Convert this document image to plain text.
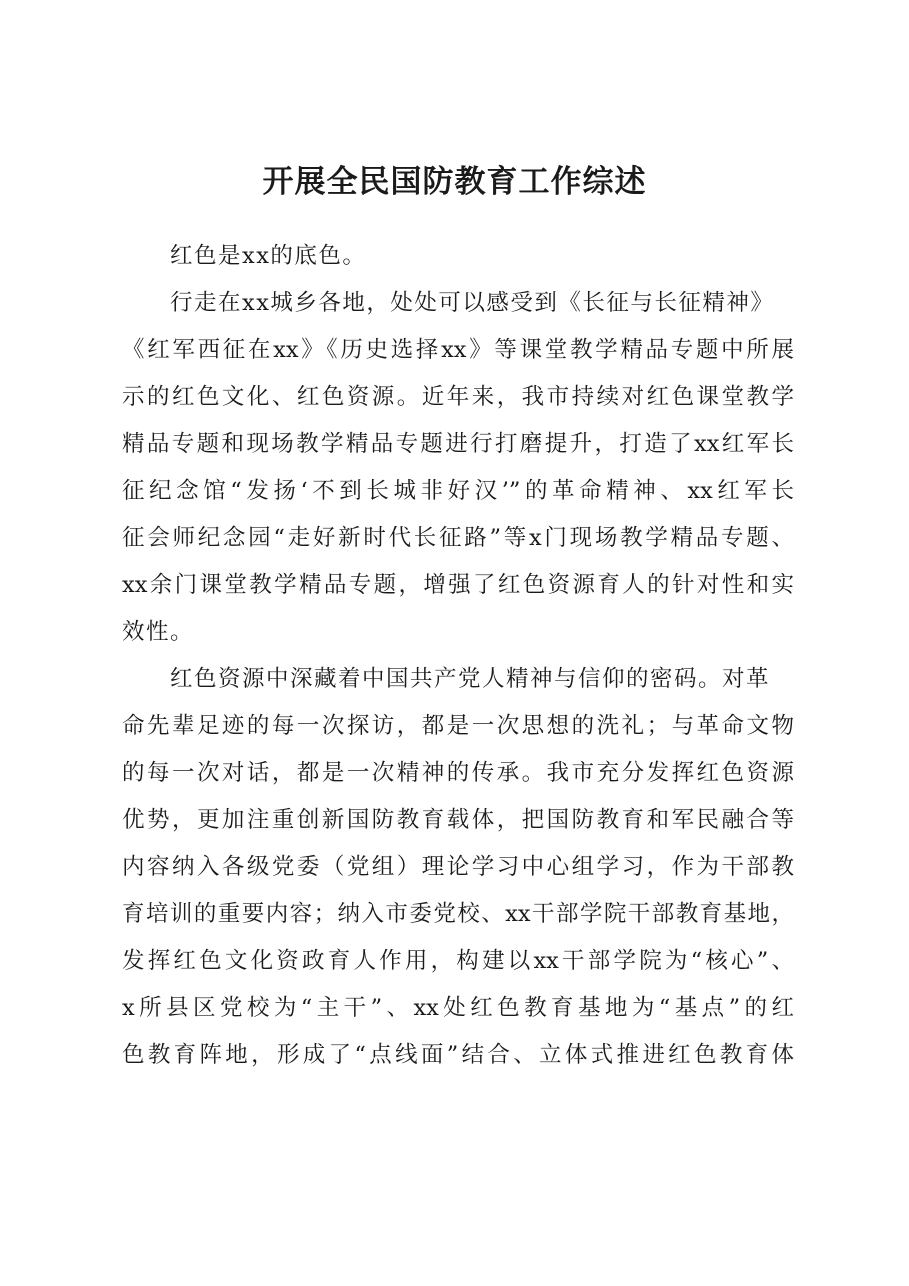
开展全民国防教育工作综述
红色是xx的底色。
行走在xx城乡各地，处处可以感受到《长征与长征精神》
《红军西征在xx》《历史选择xx》等课堂教学精品专题中所展
示的红色文化、红色资源。近年来，我市持续对红色课堂教学
精品专题和现场教学精品专题进行打磨提升，打造了xx红军长
征纪念馆“发扬‘不到长城非好汉’”的革命精神、xx红军长
征会师纪念园“走好新时代长征路”等x门现场教学精品专题、
xx余门课堂教学精品专题，增强了红色资源育人的针对性和实
效性。
红色资源中深藏着中国共产党人精神与信仰的密码。对革
命先辈足迹的每一次探访，都是一次思想的洗礼；与革命文物
的每一次对话，都是一次精神的传承。我市充分发挥红色资源
优势，更加注重创新国防教育载体，把国防教育和军民融合等
内容纳入各级党委（党组）理论学习中心组学习，作为干部教
育培训的重要内容；纳入市委党校、xx干部学院干部教育基地，
发挥红色文化资政育人作用，构建以xx干部学院为“核心”、
x所县区党校为“主干”、xx处红色教育基地为“基点”的红
色教育阵地，形成了“点线面”结合、立体式推进红色教育体
